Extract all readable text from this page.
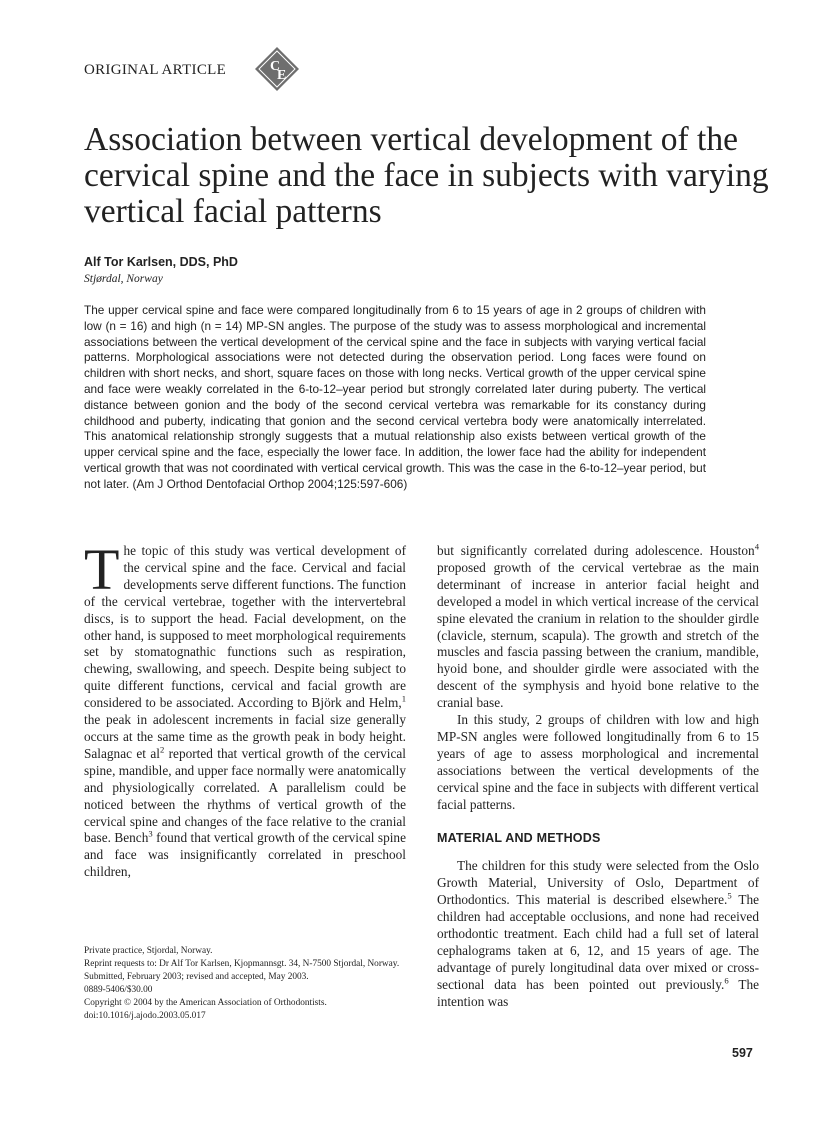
ORIGINAL ARTICLE	C
E
Association between vertical development of the cervical spine and the face in subjects with varying vertical facial patterns
Alf Tor Karlsen, DDS, PhD
Stjørdal, Norway

The upper cervical spine and face were compared longitudinally from 6 to 15 years of age in 2 groups of children with low (n = 16) and high (n = 14) MP-SN angles. The purpose of the study was to assess morphological and incremental associations between the vertical development of the cervical spine and the face in subjects with varying vertical facial patterns. Morphological associations were not detected during the observation period. Long faces were found on children with short necks, and short, square faces on those with long necks. Vertical growth of the upper cervical spine and face were weakly correlated in the 6-to-12–year period but strongly correlated later during puberty. The vertical distance between gonion and the body of the second cervical vertebra was remarkable for its constancy during childhood and puberty, indicating that gonion and the second cervical vertebra body were anatomically interrelated. This anatomical relationship strongly suggests that a mutual relationship also exists between vertical growth of the upper cervical spine and the face, especially the lower face. In addition, the lower face had the ability for independent vertical growth that was not coordinated with vertical cervical growth. This was the case in the 6-to-12–year period, but not later. (Am J Orthod Dentofacial Orthop 2004;125:597-606)

The topic of this study was vertical development of the cervical spine and the face. Cervical and facial developments serve different functions. The function of the cervical vertebrae, together with the intervertebral discs, is to support the head. Facial development, on the other hand, is supposed to meet morphological requirements set by stomatognathic functions such as respiration, chewing, swallowing, and speech. Despite being subject to quite different functions, cervical and facial growth are considered to be associated. According to Björk and Helm,$^1$ the peak in adolescent increments in facial size generally occurs at the same time as the growth peak in body height. Salagnac et $al^2$ reported that vertical growth of the cervical spine, mandible, and upper face normally were anatomically and physiologically correlated. A parallelism could be noticed between the rhythms of vertical growth of the cervical spine and changes of the face relative to the cranial base. Bench$^3$ found that vertical growth of the cervical spine and face was insignificantly correlated in preschool children,

but significantly correlated during adolescence. Houston$^4$ proposed growth of the cervical vertebrae as the main determinant of increase in anterior facial height and developed a model in which vertical increase of the cervical spine elevated the cranium in relation to the shoulder girdle (clavicle, sternum, scapula). The growth and stretch of the muscles and fascia passing between the cranium, mandible, hyoid bone, and shoulder girdle were associated with the descent of the symphysis and hyoid bone relative to the cranial base.

In this study, 2 groups of children with low and high MP-SN angles were followed longitudinally from 6 to 15 years of age to assess morphological and incremental associations between the vertical developments of the cervical spine and the face in subjects with different vertical facial patterns.

MATERIAL AND METHODS

The children for this study were selected from the Oslo Growth Material, University of Oslo, Department of Orthodontics. This material is described elsewhere.$^5$ The children had acceptable occlusions, and none had received orthodontic treatment. Each child had a full set of lateral cephalograms taken at 6, 12, and 15 years of age. The advantage of purely longitudinal data over mixed or cross-sectional data has been pointed out previously.$^6$ The intention was

Private practice, Stjordal, Norway.
Reprint requests to: Dr Alf Tor Karlsen, Kjopmannsgt. 34, N-7500 Stjordal, Norway.
Submitted, February 2003; revised and accepted, May 2003.
0889-5406/$30.00
Copyright © 2004 by the American Association of Orthodontists.
doi:10.1016/j.ajodo.2003.05.017
597
